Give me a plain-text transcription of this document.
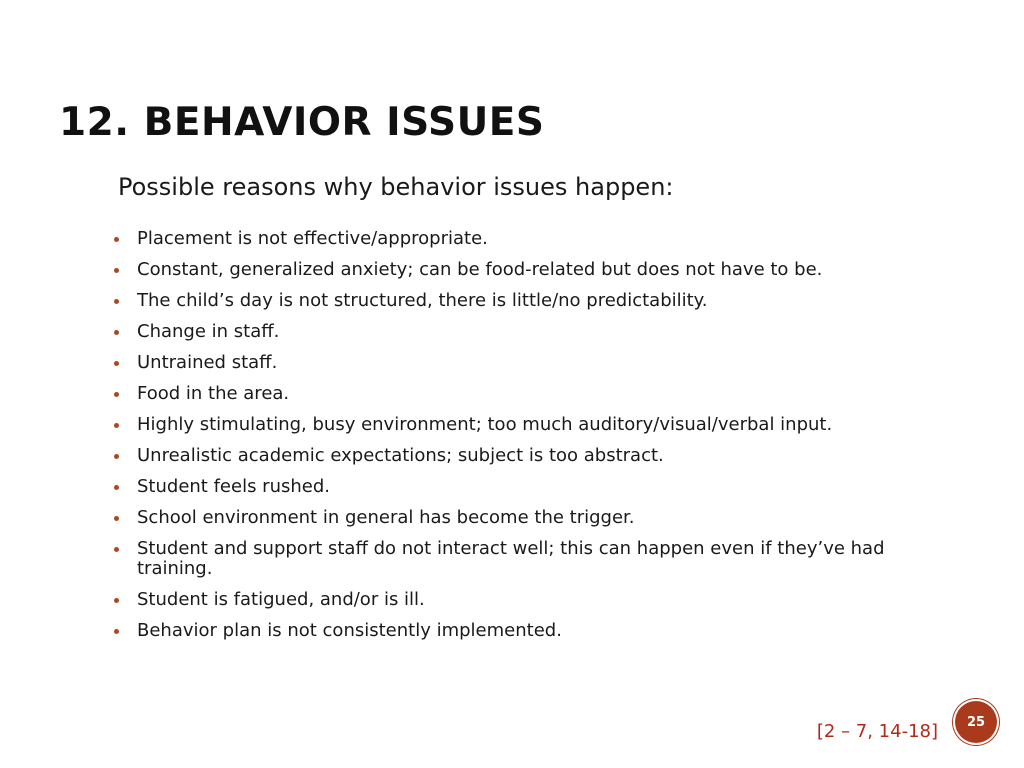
12. BEHAVIOR ISSUES

Possible reasons why behavior issues happen:

Placement is not effective/appropriate.
Constant, generalized anxiety; can be food-related but does not have to be.
The child’s day is not structured, there is little/no predictability.
Change in staff.
Untrained staff.
Food in the area.
Highly stimulating, busy environment; too much auditory/visual/verbal input.
Unrealistic academic expectations; subject is too abstract.
Student feels rushed.
School environment in general has become the trigger.
Student and support staff do not interact well; this can happen even if they’ve had training.
Student is fatigued, and/or is ill.
Behavior plan is not consistently implemented.
[2 – 7, 14-18]	25
